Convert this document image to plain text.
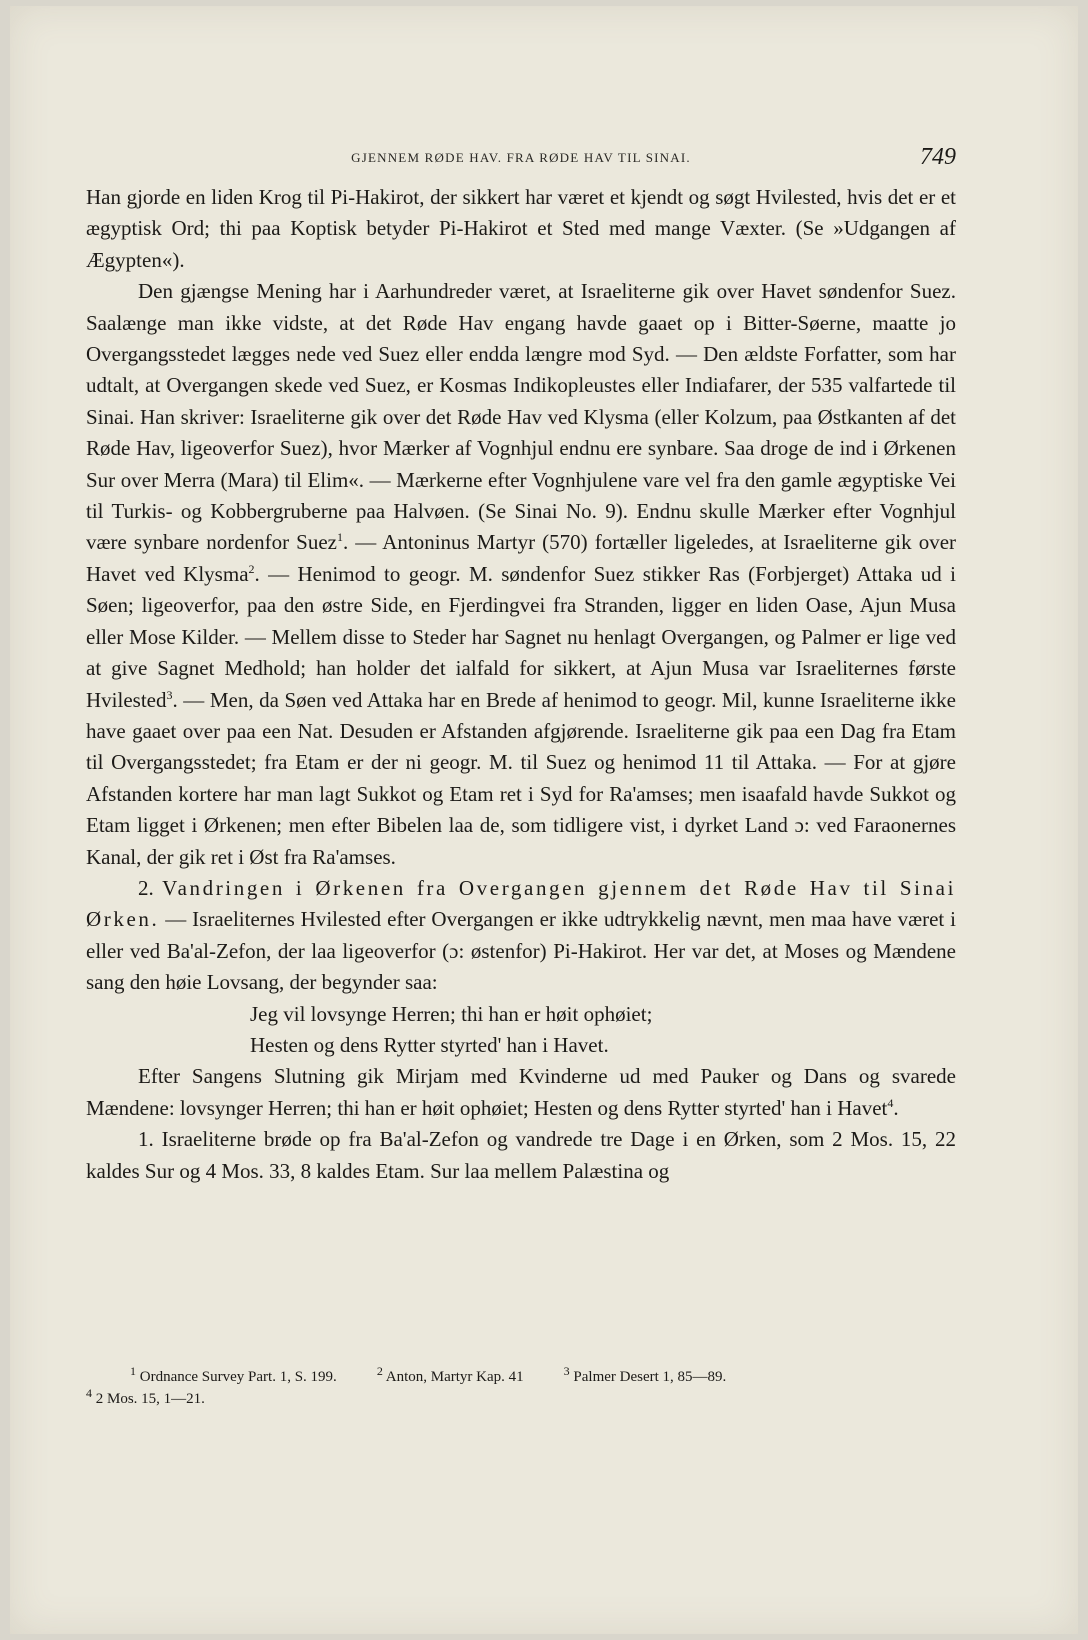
GJENNEM RØDE HAV. FRA RØDE HAV TIL SINAI.	749

Han gjorde en liden Krog til Pi-Hakirot, der sikkert har været et kjendt og søgt Hvilested, hvis det er et ægyptisk Ord; thi paa Koptisk betyder Pi-Hakirot et Sted med mange Væxter. (Se »Udgangen af Ægypten«).

Den gjængse Mening har i Aarhundreder været, at Israeliterne gik over Havet søndenfor Suez. Saalænge man ikke vidste, at det Røde Hav engang havde gaaet op i Bitter-Søerne, maatte jo Overgangsstedet lægges nede ved Suez eller endda længre mod Syd. — Den ældste Forfatter, som har udtalt, at Overgangen skede ved Suez, er Kosmas Indikopleustes eller Indiafarer, der 535 valfartede til Sinai. Han skriver: Israeliterne gik over det Røde Hav ved Klysma (eller Kolzum, paa Østkanten af det Røde Hav, ligeoverfor Suez), hvor Mærker af Vognhjul endnu ere synbare. Saa droge de ind i Ørkenen Sur over Merra (Mara) til Elim«. — Mærkerne efter Vognhjulene vare vel fra den gamle ægyptiske Vei til Turkis- og Kobbergruberne paa Halvøen. (Se Sinai No. 9). Endnu skulle Mærker efter Vognhjul være synbare nordenfor Suez$^1$. — Antoninus Martyr (570) fortæller ligeledes, at Israeliterne gik over Havet ved Klysma$^2$. — Henimod to geogr. M. søndenfor Suez stikker Ras (Forbjerget) Attaka ud i Søen; ligeoverfor, paa den østre Side, en Fjerdingvei fra Stranden, ligger en liden Oase, Ajun Musa eller Mose Kilder. — Mellem disse to Steder har Sagnet nu henlagt Overgangen, og Palmer er lige ved at give Sagnet Medhold; han holder det ialfald for sikkert, at Ajun Musa var Israeliternes første Hvilested$^3$. — Men, da Søen ved Attaka har en Brede af henimod to geogr. Mil, kunne Israeliterne ikke have gaaet over paa een Nat. Desuden er Afstanden afgjørende. Israeliterne gik paa een Dag fra Etam til Overgangsstedet; fra Etam er der ni geogr. M. til Suez og henimod 11 til Attaka. — For at gjøre Afstanden kortere har man lagt Sukkot og Etam ret i Syd for Ra'amses; men isaafald havde Sukkot og Etam ligget i Ørkenen; men efter Bibelen laa de, som tidligere vist, i dyrket Land ɔ: ved Faraonernes Kanal, der gik ret i Øst fra Ra'amses.

2. Vandringen i Ørkenen fra Overgangen gjennem det Røde Hav til Sinai Ørken. — Israeliternes Hvilested efter Overgangen er ikke udtrykkelig nævnt, men maa have været i eller ved Ba'al-Zefon, der laa ligeoverfor (ɔ: østenfor) Pi-Hakirot. Her var det, at Moses og Mændene sang den høie Lovsang, der begynder saa:

Jeg vil lovsynge Herren; thi han er høit ophøiet;

Hesten og dens Rytter styrted' han i Havet.

Efter Sangens Slutning gik Mirjam med Kvinderne ud med Pauker og Dans og svarede Mændene: lovsynger Herren; thi han er høit ophøiet; Hesten og dens Rytter styrted' han i Havet$^4$.

1. Israeliterne brøde op fra Ba'al-Zefon og vandrede tre Dage i en Ørken, som 2 Mos. 15, 22 kaldes Sur og 4 Mos. 33, 8 kaldes Etam. Sur laa mellem Palæstina og

$^1$ Ordnance Survey Part. 1, S. 199.	$^2$ Anton, Martyr Kap. 41	$^3$ Palmer Desert 1, 85—89.
$^4$ 2 Mos. 15, 1—21.
